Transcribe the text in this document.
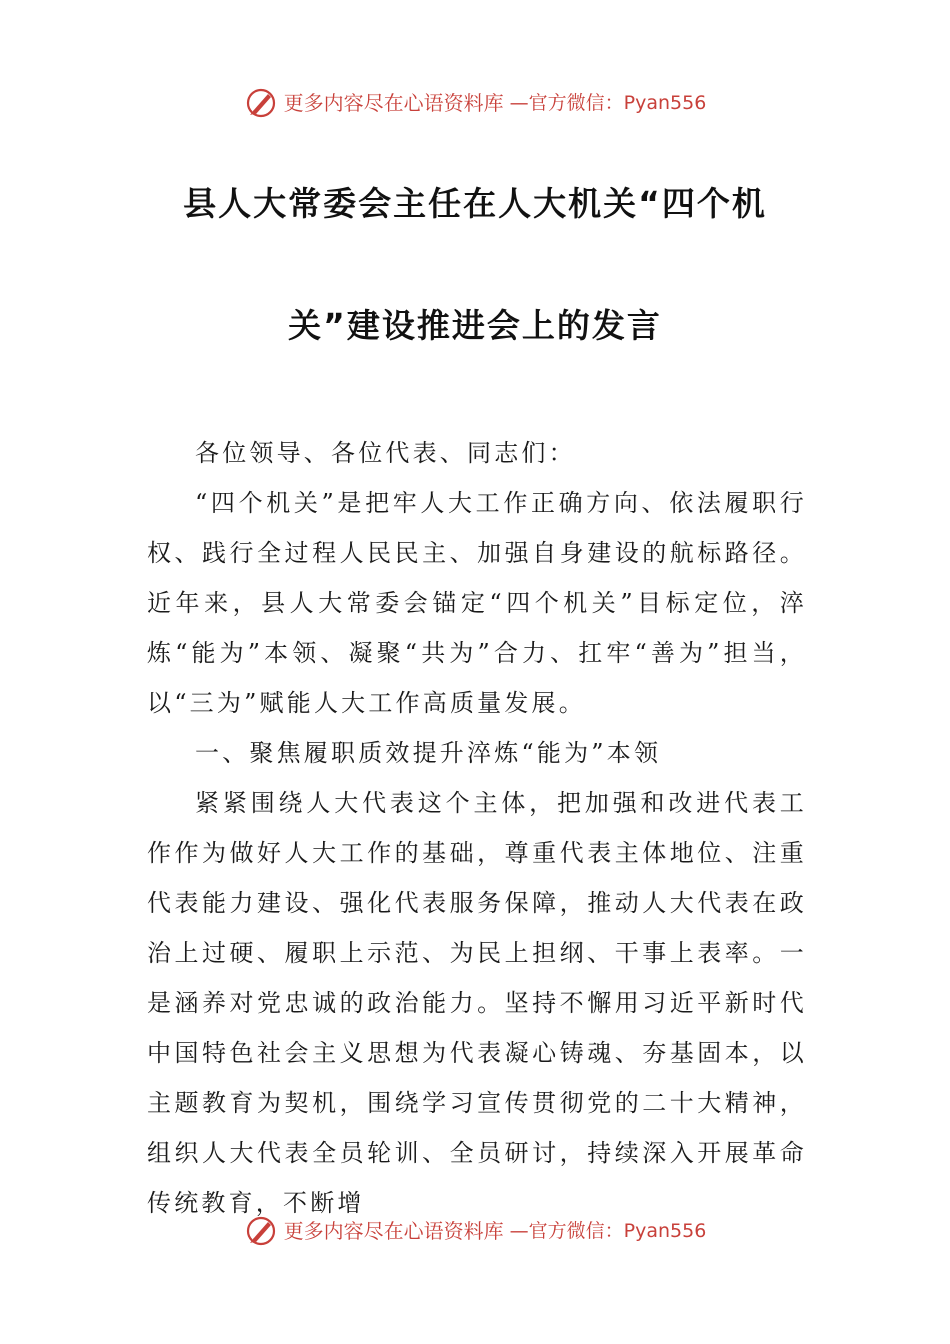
更多内容尽在心语资料库 —官方微信：Pyan556
县人大常委会主任在人大机关“四个机
关”建设推进会上的发言

各位领导、各位代表、同志们：

“四个机关”是把牢人大工作正确方向、依法履职行权、践行全过程人民民主、加强自身建设的航标路径。近年来，县人大常委会锚定“四个机关”目标定位，淬炼“能为”本领、凝聚“共为”合力、扛牢“善为”担当，以“三为”赋能人大工作高质量发展。

一、聚焦履职质效提升淬炼“能为”本领

紧紧围绕人大代表这个主体，把加强和改进代表工作作为做好人大工作的基础，尊重代表主体地位、注重代表能力建设、强化代表服务保障，推动人大代表在政治上过硬、履职上示范、为民上担纲、干事上表率。一是涵养对党忠诚的政治能力。坚持不懈用习近平新时代中国特色社会主义思想为代表凝心铸魂、夯基固本，以主题教育为契机，围绕学习宣传贯彻党的二十大精神，组织人大代表全员轮训、全员研讨，持续深入开展革命传统教育，不断增

更多内容尽在心语资料库 —官方微信：Pyan556
